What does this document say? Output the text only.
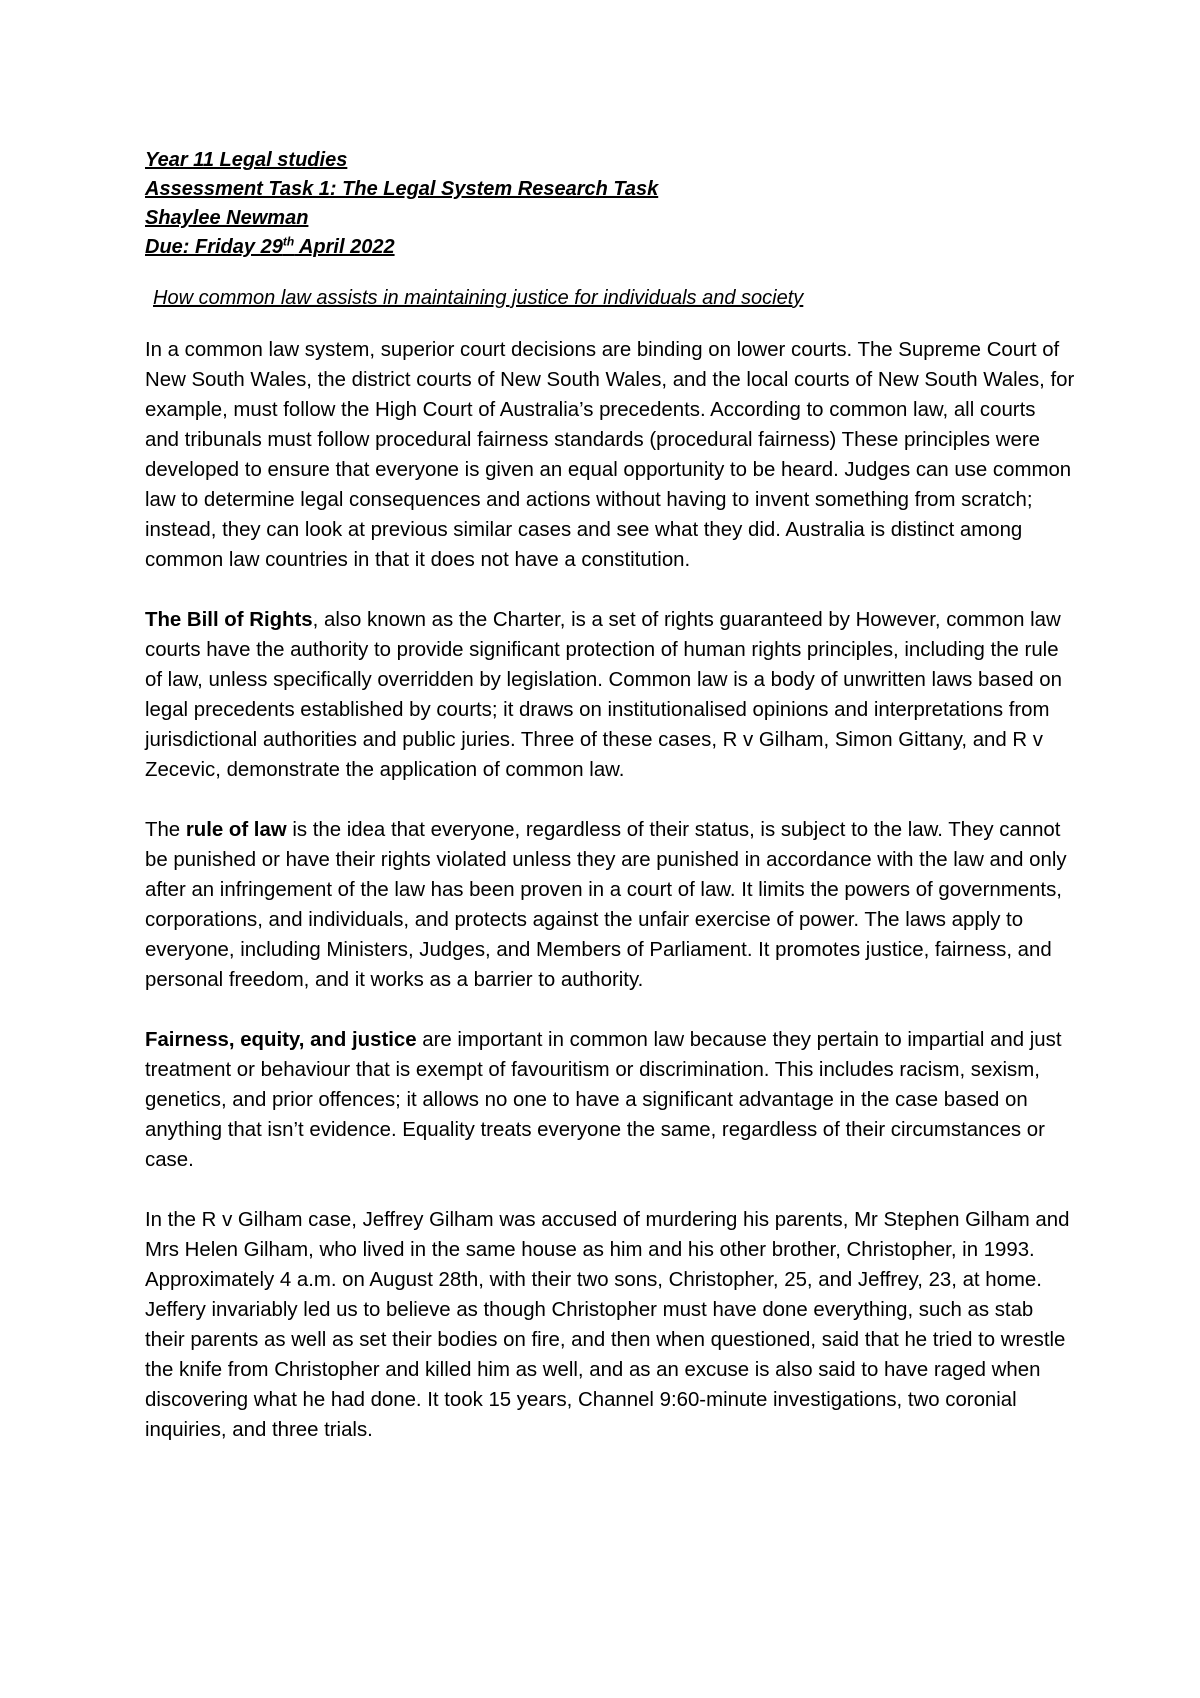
Year 11 Legal studies

Assessment Task 1: The Legal System Research Task

Shaylee Newman

Due: Friday 29th April 2022

How common law assists in maintaining justice for individuals and society

In a common law system, superior court decisions are binding on lower courts. The Supreme Court of New South Wales, the district courts of New South Wales, and the local courts of New South Wales, for example, must follow the High Court of Australia’s precedents. According to common law, all courts and tribunals must follow procedural fairness standards (procedural fairness) These principles were developed to ensure that everyone is given an equal opportunity to be heard. Judges can use common law to determine legal consequences and actions without having to invent something from scratch; instead, they can look at previous similar cases and see what they did. Australia is distinct among common law countries in that it does not have a constitution.

The Bill of Rights, also known as the Charter, is a set of rights guaranteed by However, common law courts have the authority to provide significant protection of human rights principles, including the rule of law, unless specifically overridden by legislation. Common law is a body of unwritten laws based on legal precedents established by courts; it draws on institutionalised opinions and interpretations from jurisdictional authorities and public juries. Three of these cases, R v Gilham, Simon Gittany, and R v Zecevic, demonstrate the application of common law.

The rule of law is the idea that everyone, regardless of their status, is subject to the law. They cannot be punished or have their rights violated unless they are punished in accordance with the law and only after an infringement of the law has been proven in a court of law. It limits the powers of governments, corporations, and individuals, and protects against the unfair exercise of power. The laws apply to everyone, including Ministers, Judges, and Members of Parliament. It promotes justice, fairness, and personal freedom, and it works as a barrier to authority.

Fairness, equity, and justice are important in common law because they pertain to impartial and just treatment or behaviour that is exempt of favouritism or discrimination. This includes racism, sexism, genetics, and prior offences; it allows no one to have a significant advantage in the case based on anything that isn’t evidence. Equality treats everyone the same, regardless of their circumstances or case.

In the R v Gilham case, Jeffrey Gilham was accused of murdering his parents, Mr Stephen Gilham and Mrs Helen Gilham, who lived in the same house as him and his other brother, Christopher, in 1993. Approximately 4 a.m. on August 28th, with their two sons, Christopher, 25, and Jeffrey, 23, at home. Jeffery invariably led us to believe as though Christopher must have done everything, such as stab their parents as well as set their bodies on fire, and then when questioned, said that he tried to wrestle the knife from Christopher and killed him as well, and as an excuse is also said to have raged when discovering what he had done. It took 15 years, Channel 9:60-minute investigations, two coronial inquiries, and three trials.
